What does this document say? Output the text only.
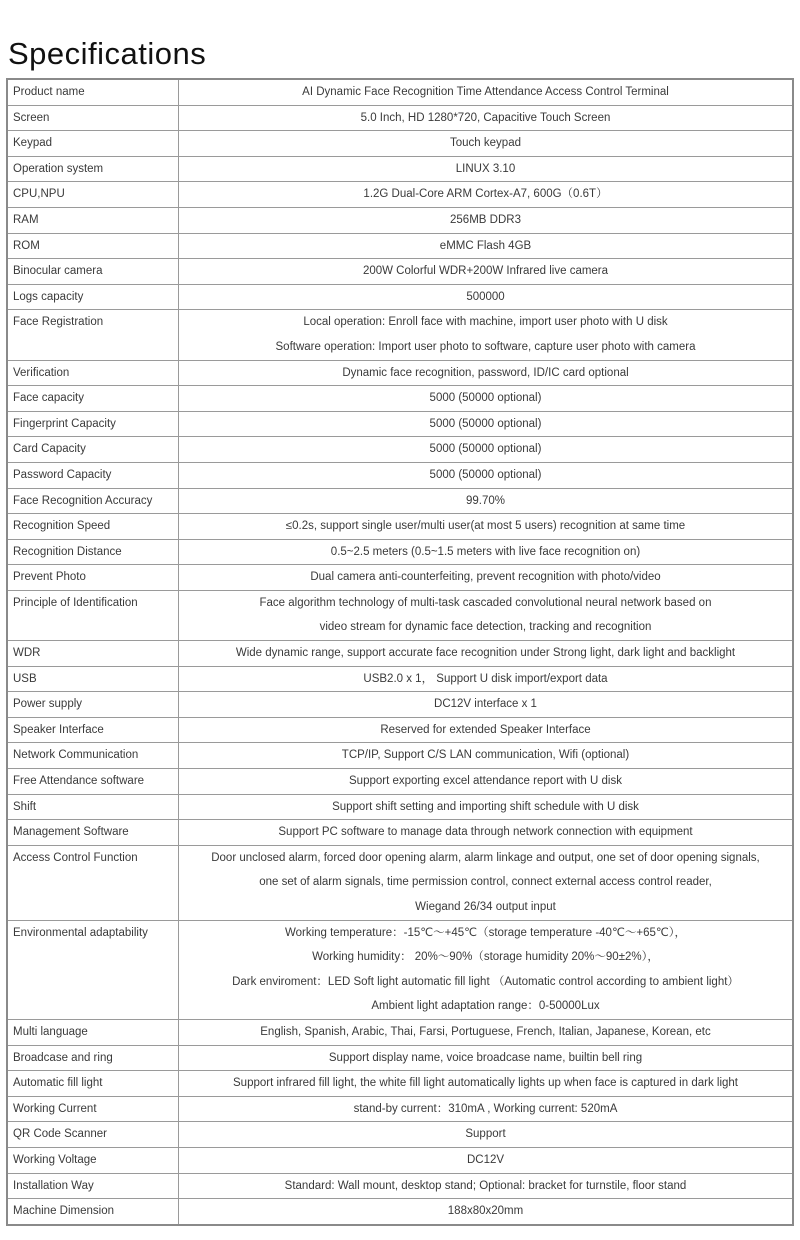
Specifications
Product name	AI Dynamic Face Recognition Time Attendance Access Control Terminal
Screen	5.0 Inch, HD 1280*720, Capacitive Touch Screen
Keypad	Touch keypad
Operation system	LINUX 3.10
CPU,NPU	1.2G Dual-Core ARM Cortex-A7, 600G（0.6T）
RAM	256MB DDR3
ROM	eMMC Flash 4GB
Binocular camera	200W Colorful WDR+200W Infrared live camera
Logs capacity	500000
Face Registration	Local operation: Enroll face with machine, import user photo with U disk
Software operation: Import user photo to software, capture user photo with camera
Verification	Dynamic face recognition, password, ID/IC card optional
Face capacity	5000 (50000 optional)
Fingerprint Capacity	5000 (50000 optional)
Card Capacity	5000 (50000 optional)
Password Capacity	5000 (50000 optional)
Face Recognition Accuracy	99.70%
Recognition Speed	≤0.2s, support single user/multi user(at most 5 users) recognition at same time
Recognition Distance	0.5~2.5 meters (0.5~1.5 meters with live face recognition on)
Prevent Photo	Dual camera anti-counterfeiting, prevent recognition with photo/video
Principle of Identification	Face algorithm technology of multi-task cascaded convolutional neural network based on
video stream for dynamic face detection, tracking and recognition
WDR	Wide dynamic range, support accurate face recognition under Strong light, dark light and backlight
USB	USB2.0 x 1， Support U disk import/export data
Power supply	DC12V interface x 1
Speaker Interface	Reserved for extended Speaker Interface
Network Communication	TCP/IP, Support C/S LAN communication, Wifi (optional)
Free Attendance software	Support exporting excel attendance report with U disk
Shift	Support shift setting and importing shift schedule with U disk
Management Software	Support PC software to manage data through network connection with equipment
Access Control Function	Door unclosed alarm, forced door opening alarm, alarm linkage and output, one set of door opening signals,
one set of alarm signals, time permission control, connect external access control reader,
Wiegand 26/34 output input
Environmental adaptability	Working temperature：-15℃～+45℃（storage temperature -40℃～+65℃），
Working humidity： 20%～90%（storage humidity 20%～90±2%），
Dark enviroment：LED Soft light automatic fill light （Automatic control according to ambient light）
Ambient light adaptation range：0-50000Lux
Multi language	English, Spanish, Arabic, Thai, Farsi, Portuguese, French, Italian, Japanese, Korean, etc
Broadcase and ring	Support display name, voice broadcase name, builtin bell ring
Automatic fill light	Support infrared fill light, the white fill light automatically lights up when face is captured in dark light
Working Current	stand-by current：310mA , Working current: 520mA
QR Code Scanner	Support
Working Voltage	DC12V
Installation Way	Standard: Wall mount, desktop stand; Optional: bracket for turnstile, floor stand
Machine Dimension	188x80x20mm
